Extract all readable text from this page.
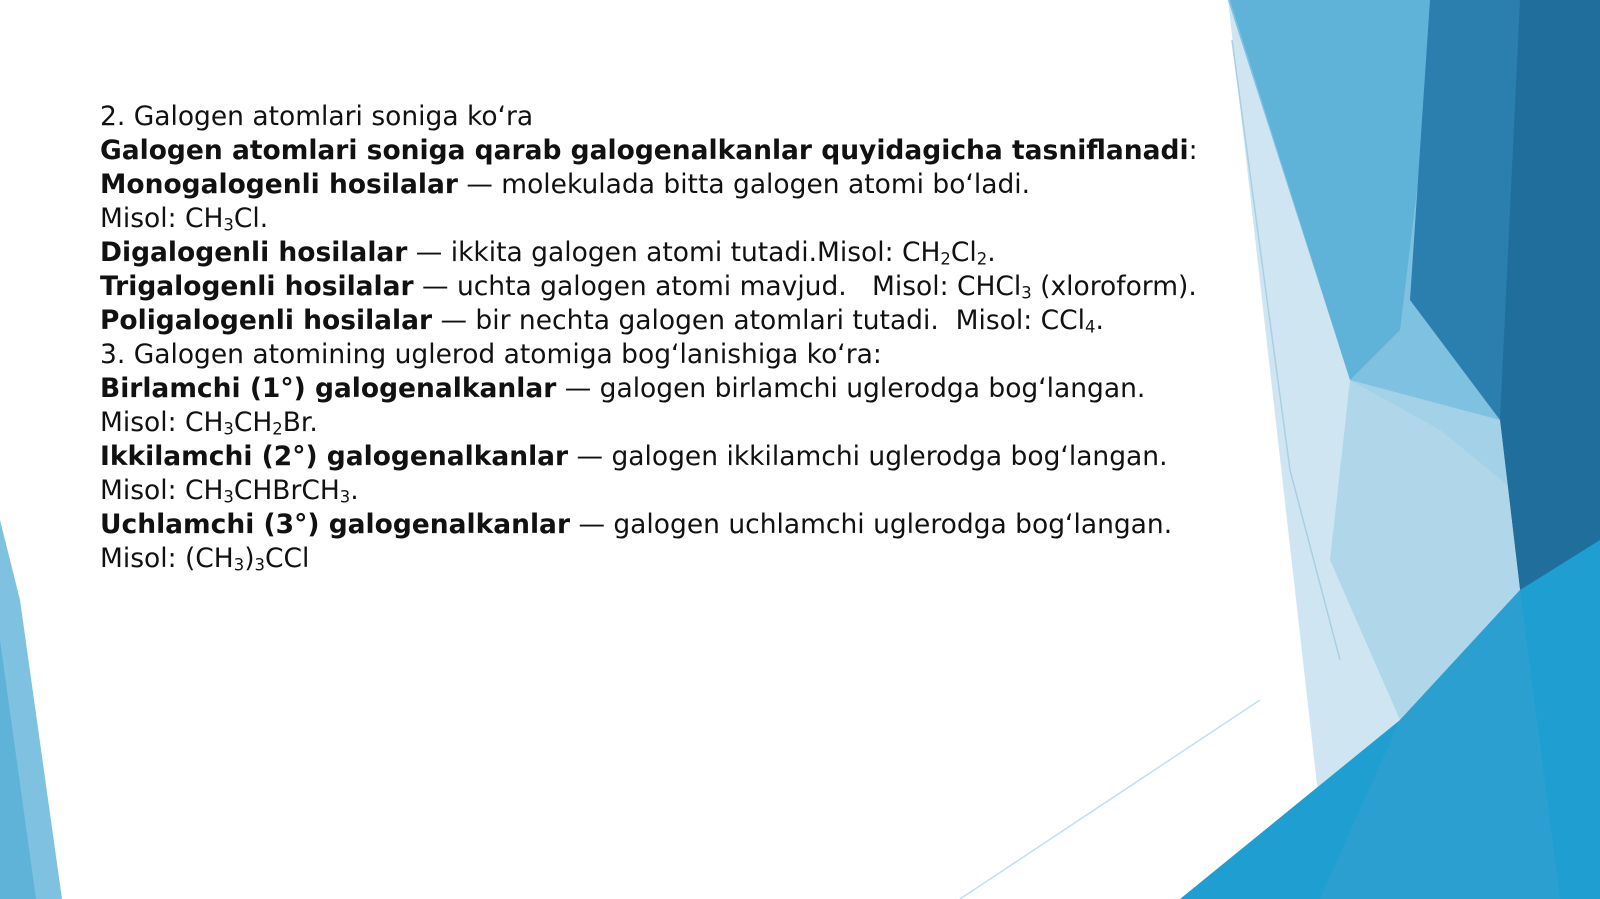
2. Galogen atomlari soniga ko‘ra

Galogen atomlari soniga qarab galogenalkanlar quyidagicha tasniflanadi:

Monogalogenli hosilalar — molekulada bitta galogen atomi bo‘ladi.
Misol: $CH_3Cl$.

Digalogenli hosilalar — ikkita galogen atomi tutadi.Misol: $CH_2Cl_2$.

Trigalogenli hosilalar — uchta galogen atomi mavjud.   Misol: CHCl$_3$ (xloroform).

Poligalogenli hosilalar — bir nechta galogen atomlari tutadi.  Misol: CCl$_4$.

3. Galogen atomining uglerod atomiga bog‘lanishiga ko‘ra:

Birlamchi (1°) galogenalkanlar — galogen birlamchi uglerodga bog‘langan.
Misol: $CH_3CH_2Br$.

Ikkilamchi (2°) galogenalkanlar — galogen ikkilamchi uglerodga bog‘langan.
Misol: $CH_3CHBrCH_3$.

Uchlamchi (3°) galogenalkanlar — galogen uchlamchi uglerodga bog‘langan.
Misol: $(CH_3)_3CCl$
